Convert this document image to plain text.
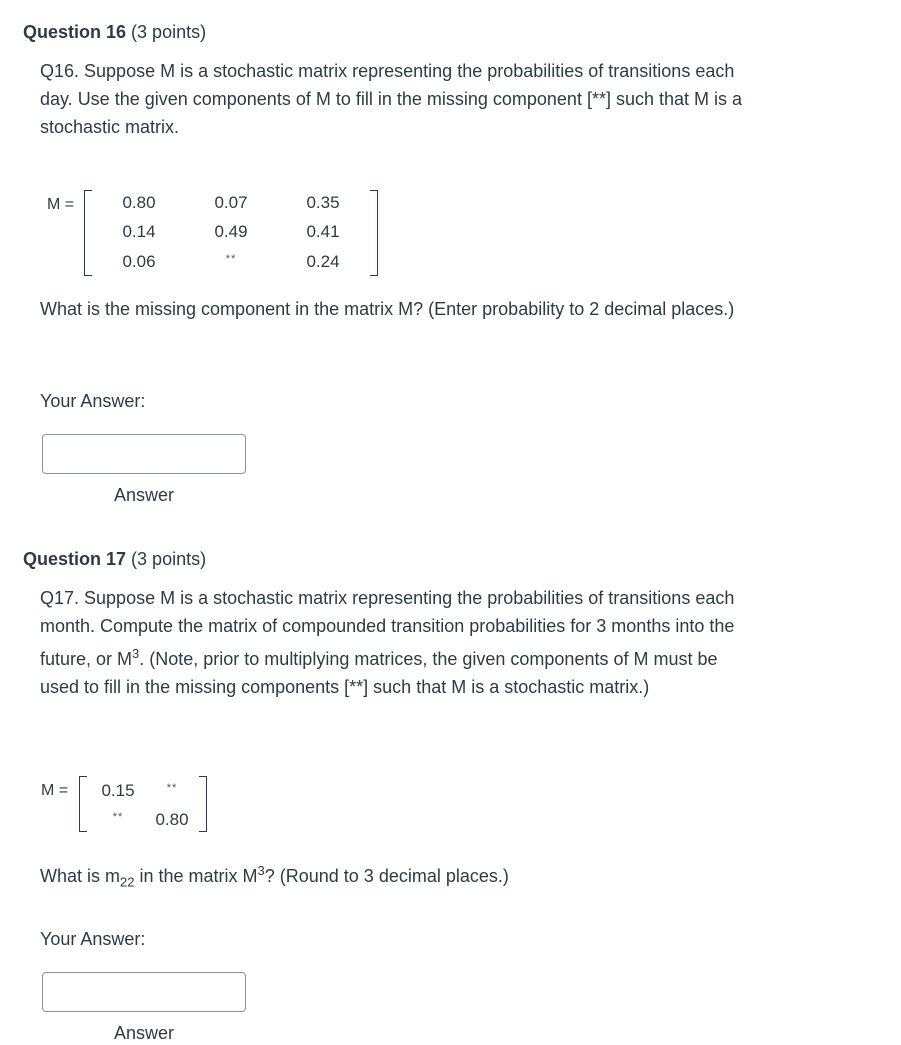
Question 16 (3 points)
Q16. Suppose M is a stochastic matrix representing the probabilities of transitions each day. Use the given components of M to fill in the missing component [**] such that M is a stochastic matrix.
M =	0.80	0.07	0.35
0.14	0.49	0.41
0.06	**	0.24
What is the missing component in the matrix M? (Enter probability to 2 decimal places.)
Your Answer:
Answer
Question 17 (3 points)
Q17. Suppose M is a stochastic matrix representing the probabilities of transitions each month. Compute the matrix of compounded transition probabilities for 3 months into the future, or $M^3$. (Note, prior to multiplying matrices, the given components of M must be used to fill in the missing components [**] such that M is a stochastic matrix.)
M =	0.15	**
**	0.80
What is $m_{22}$ in the matrix $M^3$? (Round to 3 decimal places.)
Your Answer:
Answer
